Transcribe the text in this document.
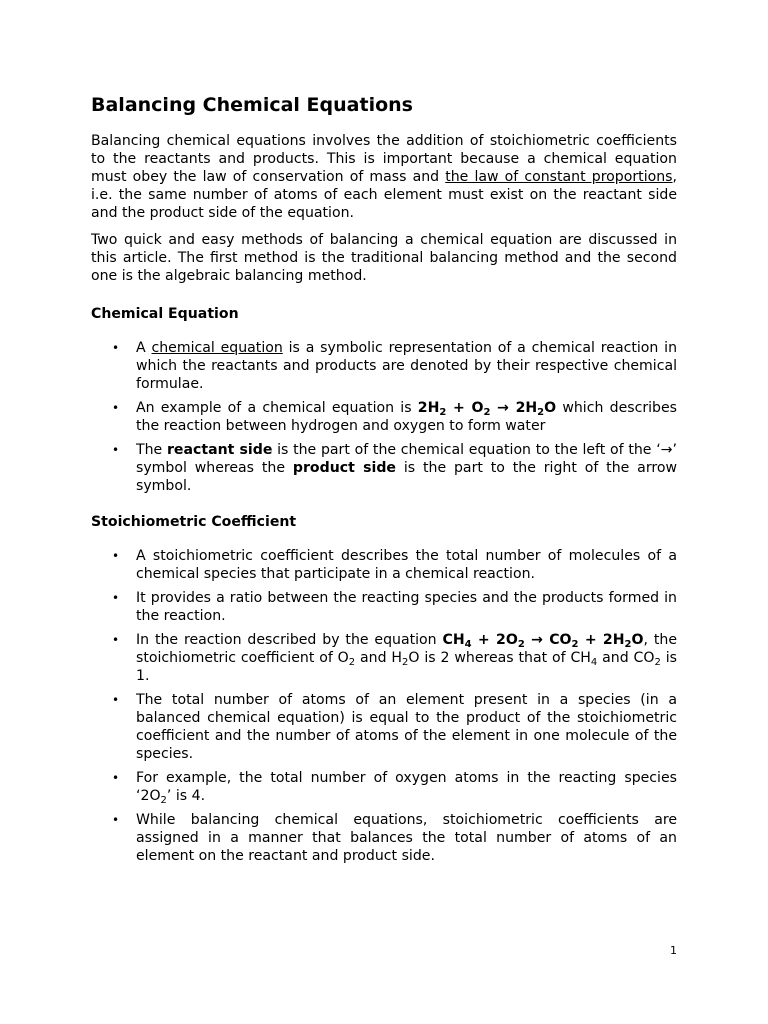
Balancing Chemical Equations

Balancing chemical equations involves the addition of stoichiometric coefficients to the reactants and products. This is important because a chemical equation must obey the law of conservation of mass and the law of constant proportions, i.e. the same number of atoms of each element must exist on the reactant side and the product side of the equation.

Two quick and easy methods of balancing a chemical equation are discussed in this article. The first method is the traditional balancing method and the second one is the algebraic balancing method.

Chemical Equation
• A chemical equation is a symbolic representation of a chemical reaction in which the reactants and products are denoted by their respective chemical formulae.
• An example of a chemical equation is $2H_2 + O_2 \to 2H_2O$ which describes the reaction between hydrogen and oxygen to form water
• The reactant side is the part of the chemical equation to the left of the ‘→’ symbol whereas the product side is the part to the right of the arrow symbol.
Stoichiometric Coefficient
• A stoichiometric coefficient describes the total number of molecules of a chemical species that participate in a chemical reaction.
• It provides a ratio between the reacting species and the products formed in the reaction.
• In the reaction described by the equation $CH_4 + 2O_2 \to CO_2 + 2H_2O$, the stoichiometric coefficient of $O_2$ and $H_2O$ is 2 whereas that of $CH_4$ and $CO_2$ is 1.
• The total number of atoms of an element present in a species (in a balanced chemical equation) is equal to the product of the stoichiometric coefficient and the number of atoms of the element in one molecule of the species.
• For example, the total number of oxygen atoms in the reacting species ‘$2O_2$’ is 4.
• While balancing chemical equations, stoichiometric coefficients are assigned in a manner that balances the total number of atoms of an element on the reactant and product side.
1
